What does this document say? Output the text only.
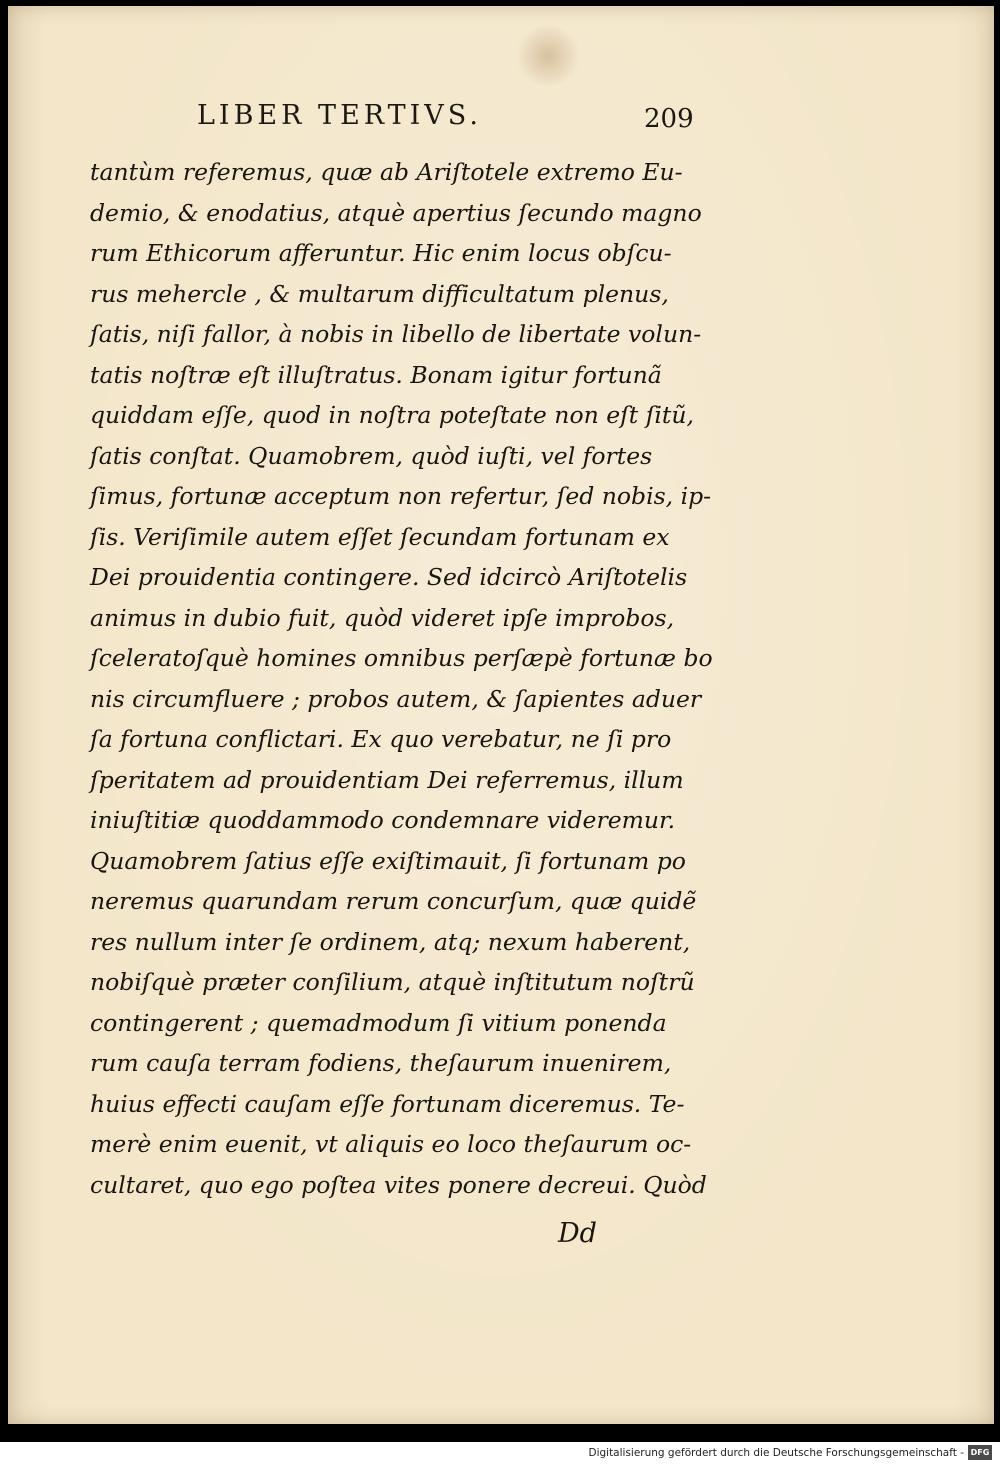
LIBER TERTIVS.	209
tantùm referemus, quæ ab Ariſtotele extremo Eu-
demio, & enodatius, atquè apertius ſecundo magno
rum Ethicorum afferuntur. Hic enim locus obſcu-
rus mehercle , & multarum difficultatum plenus,
ſatis, niſi fallor, à nobis in libello de libertate volun-
tatis noſtræ eſt illuſtratus. Bonam igitur fortunã
quiddam eſſe, quod in noſtra poteſtate non eſt ſitũ,
ſatis conſtat. Quamobrem, quòd iuſti, vel fortes
ſimus, fortunæ acceptum non refertur, ſed nobis, ip-
ſis. Veriſimile autem eſſet ſecundam fortunam ex
Dei prouidentia contingere. Sed idcircò Ariſtotelis
animus in dubio fuit, quòd videret ipſe improbos,
ſceleratoſquè homines omnibus perſæpè fortunæ bo
nis circumfluere ; probos autem, & ſapientes aduer
ſa fortuna conflictari. Ex quo verebatur, ne ſi pro
ſperitatem ad prouidentiam Dei referremus, illum
iniuſtitiæ quoddammodo condemnare videremur.
Quamobrem ſatius eſſe exiſtimauit, ſi fortunam po
neremus quarundam rerum concurſum, quæ quidẽ
res nullum inter ſe ordinem, atq; nexum haberent,
nobiſquè præter conſilium, atquè inſtitutum noſtrũ
contingerent ; quemadmodum ſi vitium ponenda
rum cauſa terram fodiens, theſaurum inuenirem,
huius effecti cauſam eſſe fortunam diceremus. Te-
merè enim euenit, vt aliquis eo loco theſaurum oc-
cultaret, quo ego poſtea vites ponere decreui. Quòd
Dd
Digitalisierung gefördert durch die Deutsche Forschungsgemeinschaft - DFG
